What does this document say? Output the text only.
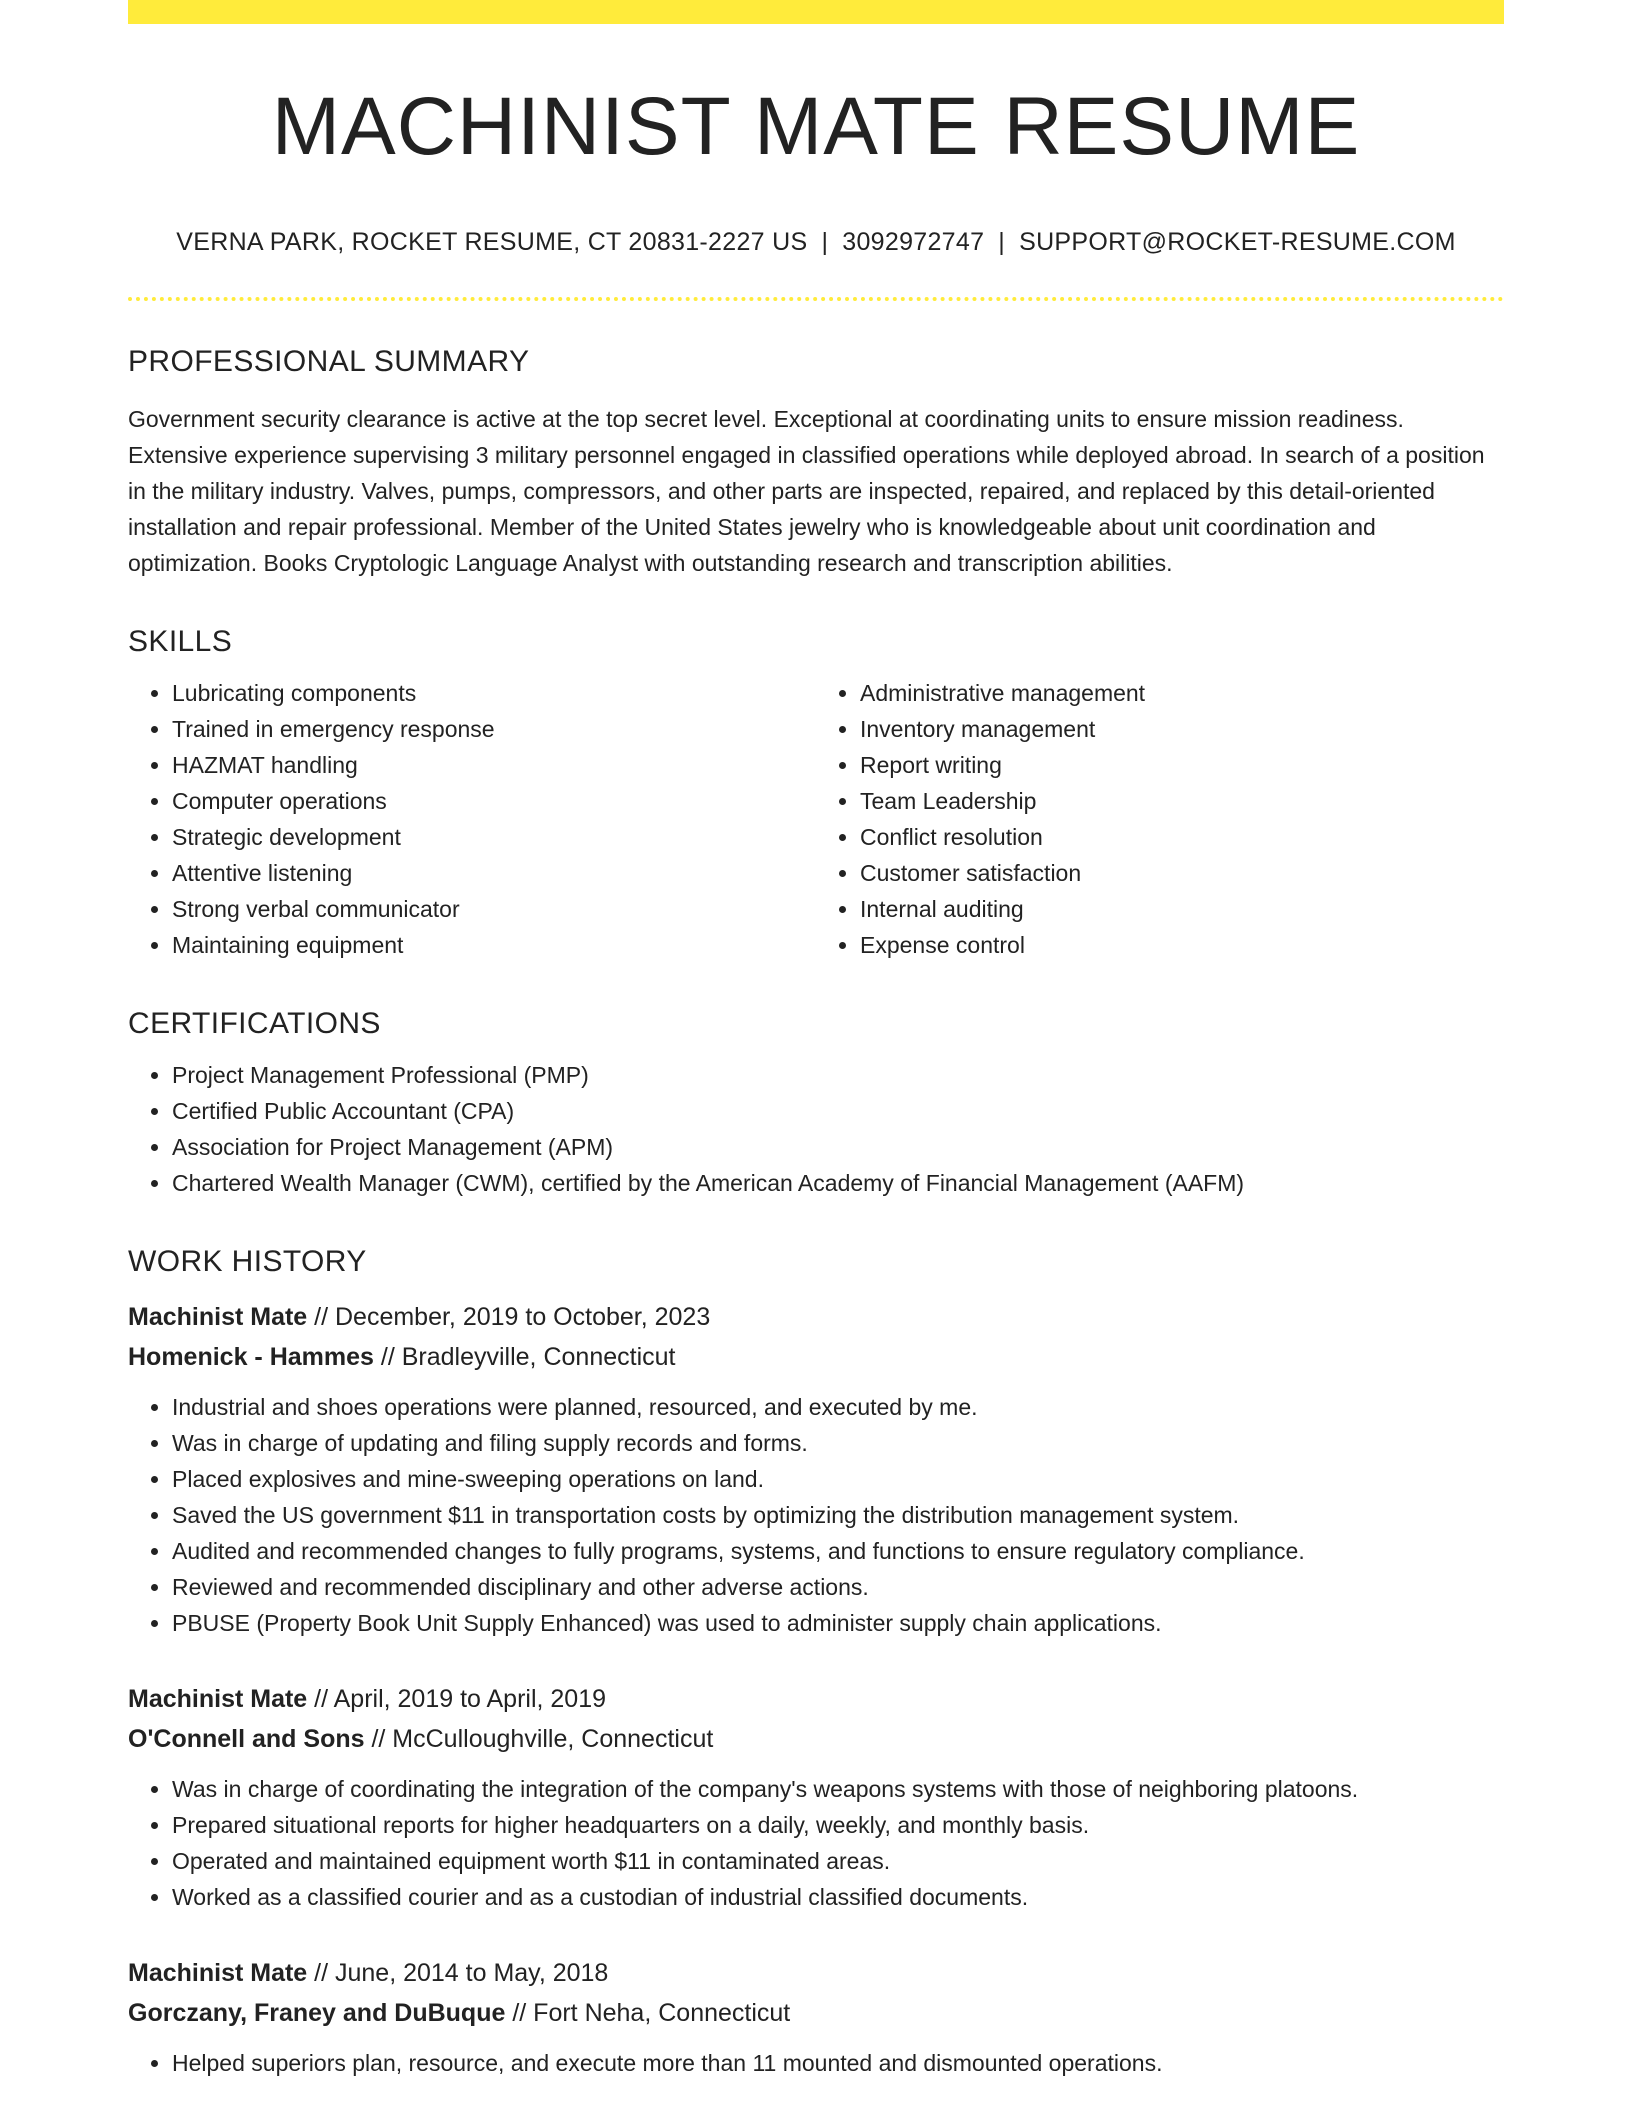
MACHINIST MATE RESUME
VERNA PARK, ROCKET RESUME, CT 20831-2227 US | 3092972747 | SUPPORT@ROCKET-RESUME.COM
PROFESSIONAL SUMMARY
Government security clearance is active at the top secret level. Exceptional at coordinating units to ensure mission readiness. Extensive experience supervising 3 military personnel engaged in classified operations while deployed abroad. In search of a position in the military industry. Valves, pumps, compressors, and other parts are inspected, repaired, and replaced by this detail-oriented installation and repair professional. Member of the United States jewelry who is knowledgeable about unit coordination and optimization. Books Cryptologic Language Analyst with outstanding research and transcription abilities.
SKILLS
• Lubricating components
• Trained in emergency response
• HAZMAT handling
• Computer operations
• Strategic development
• Attentive listening
• Strong verbal communicator
• Maintaining equipment
• Administrative management
• Inventory management
• Report writing
• Team Leadership
• Conflict resolution
• Customer satisfaction
• Internal auditing
• Expense control
CERTIFICATIONS
• Project Management Professional (PMP)
• Certified Public Accountant (CPA)
• Association for Project Management (APM)
• Chartered Wealth Manager (CWM), certified by the American Academy of Financial Management (AAFM)
WORK HISTORY
Machinist Mate // December, 2019 to October, 2023
Homenick - Hammes // Bradleyville, Connecticut
• Industrial and shoes operations were planned, resourced, and executed by me.
• Was in charge of updating and filing supply records and forms.
• Placed explosives and mine-sweeping operations on land.
• Saved the US government $11 in transportation costs by optimizing the distribution management system.
• Audited and recommended changes to fully programs, systems, and functions to ensure regulatory compliance.
• Reviewed and recommended disciplinary and other adverse actions.
• PBUSE (Property Book Unit Supply Enhanced) was used to administer supply chain applications.
Machinist Mate // April, 2019 to April, 2019
O'Connell and Sons // McCulloughville, Connecticut
• Was in charge of coordinating the integration of the company's weapons systems with those of neighboring platoons.
• Prepared situational reports for higher headquarters on a daily, weekly, and monthly basis.
• Operated and maintained equipment worth $11 in contaminated areas.
• Worked as a classified courier and as a custodian of industrial classified documents.
Machinist Mate // June, 2014 to May, 2018
Gorczany, Franey and DuBuque // Fort Neha, Connecticut
• Helped superiors plan, resource, and execute more than 11 mounted and dismounted operations.
